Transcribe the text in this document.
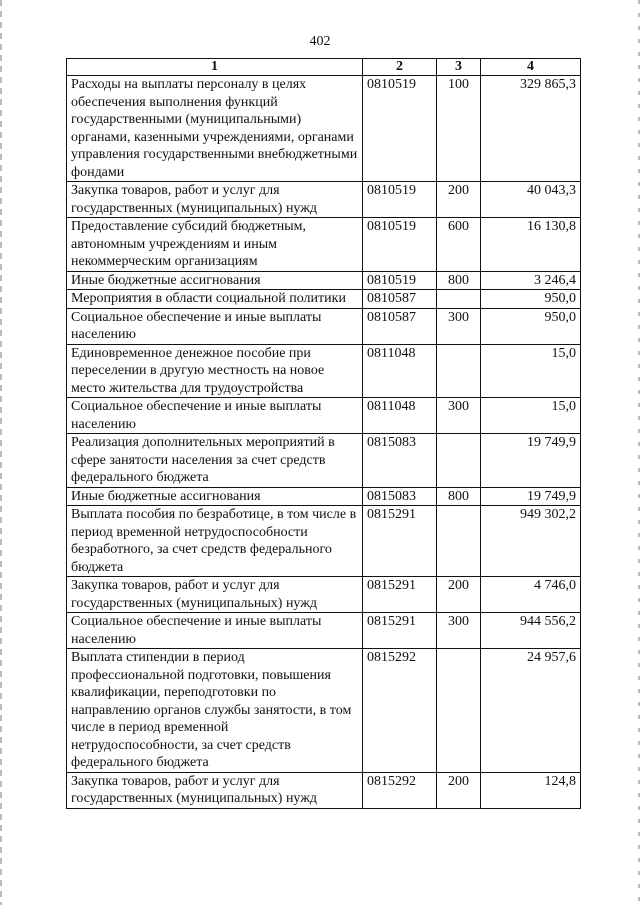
402
1	2	3	4
Расходы на выплаты персоналу в целях обеспечения выполнения функций государственными (муниципальными) органами, казенными учреждениями, органами управления государственными внебюджетными фондами	0810519	100	329 865,3
Закупка товаров, работ и услуг для государственных (муниципальных) нужд	0810519	200	40 043,3
Предоставление субсидий бюджетным, автономным учреждениям и иным некоммерческим организациям	0810519	600	16 130,8
Иные бюджетные ассигнования	0810519	800	3 246,4
Мероприятия в области социальной политики	0810587		950,0
Социальное обеспечение и иные выплаты населению	0810587	300	950,0
Единовременное денежное пособие при переселении в другую местность на новое место жительства для трудоустройства	0811048		15,0
Социальное обеспечение и иные выплаты населению	0811048	300	15,0
Реализация дополнительных мероприятий в сфере занятости населения за счет средств федерального бюджета	0815083		19 749,9
Иные бюджетные ассигнования	0815083	800	19 749,9
Выплата пособия по безработице, в том числе в период временной нетрудоспособности безработного, за счет средств федерального бюджета	0815291		949 302,2
Закупка товаров, работ и услуг для государственных (муниципальных) нужд	0815291	200	4 746,0
Социальное обеспечение и иные выплаты населению	0815291	300	944 556,2
Выплата стипендии в период профессиональной подготовки, повышения квалификации, переподготовки по направлению органов службы занятости, в том числе в период временной нетрудоспособности, за счет средств федерального бюджета	0815292		24 957,6
Закупка товаров, работ и услуг для государственных (муниципальных) нужд	0815292	200	124,8
